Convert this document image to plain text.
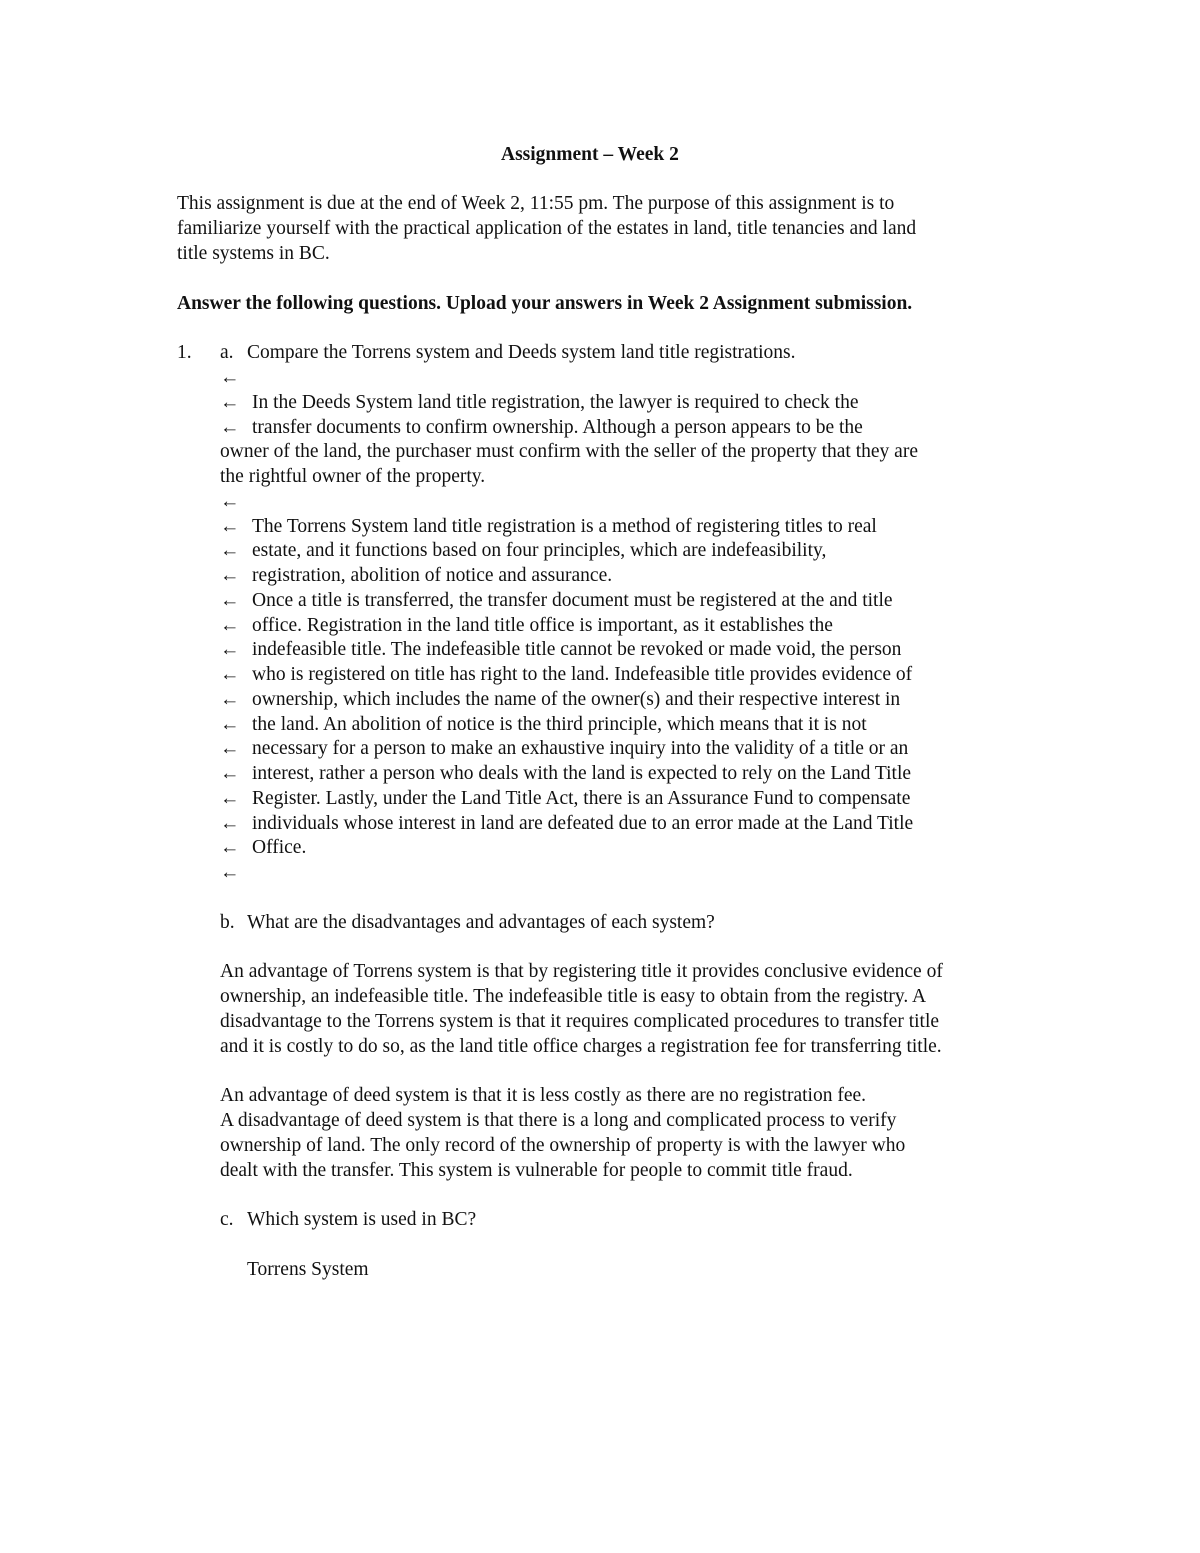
Assignment – Week 2
This assignment is due at the end of Week 2, 11:55 pm. The purpose of this assignment is to
familiarize yourself with the practical application of the estates in land, title tenancies and land
title systems in BC.
Answer the following questions. Upload your answers in Week 2 Assignment submission.
1. a. Compare the Torrens system and Deeds system land title registrations.
←
← In the Deeds System land title registration, the lawyer is required to check the
← transfer documents to confirm ownership. Although a person appears to be the
owner of the land, the purchaser must confirm with the seller of the property that they are
the rightful owner of the property.
←
← The Torrens System land title registration is a method of registering titles to real
← estate, and it functions based on four principles, which are indefeasibility,
← registration, abolition of notice and assurance.
← Once a title is transferred, the transfer document must be registered at the and title
← office. Registration in the land title office is important, as it establishes the
← indefeasible title. The indefeasible title cannot be revoked or made void, the person
← who is registered on title has right to the land. Indefeasible title provides evidence of
← ownership, which includes the name of the owner(s) and their respective interest in
← the land. An abolition of notice is the third principle, which means that it is not
← necessary for a person to make an exhaustive inquiry into the validity of a title or an
← interest, rather a person who deals with the land is expected to rely on the Land Title
← Register. Lastly, under the Land Title Act, there is an Assurance Fund to compensate
← individuals whose interest in land are defeated due to an error made at the Land Title
← Office.
←
b. What are the disadvantages and advantages of each system?
An advantage of Torrens system is that by registering title it provides conclusive evidence of
ownership, an indefeasible title. The indefeasible title is easy to obtain from the registry. A
disadvantage to the Torrens system is that it requires complicated procedures to transfer title
and it is costly to do so, as the land title office charges a registration fee for transferring title.
An advantage of deed system is that it is less costly as there are no registration fee.
A disadvantage of deed system is that there is a long and complicated process to verify
ownership of land. The only record of the ownership of property is with the lawyer who
dealt with the transfer. This system is vulnerable for people to commit title fraud.
c. Which system is used in BC?
Torrens System
